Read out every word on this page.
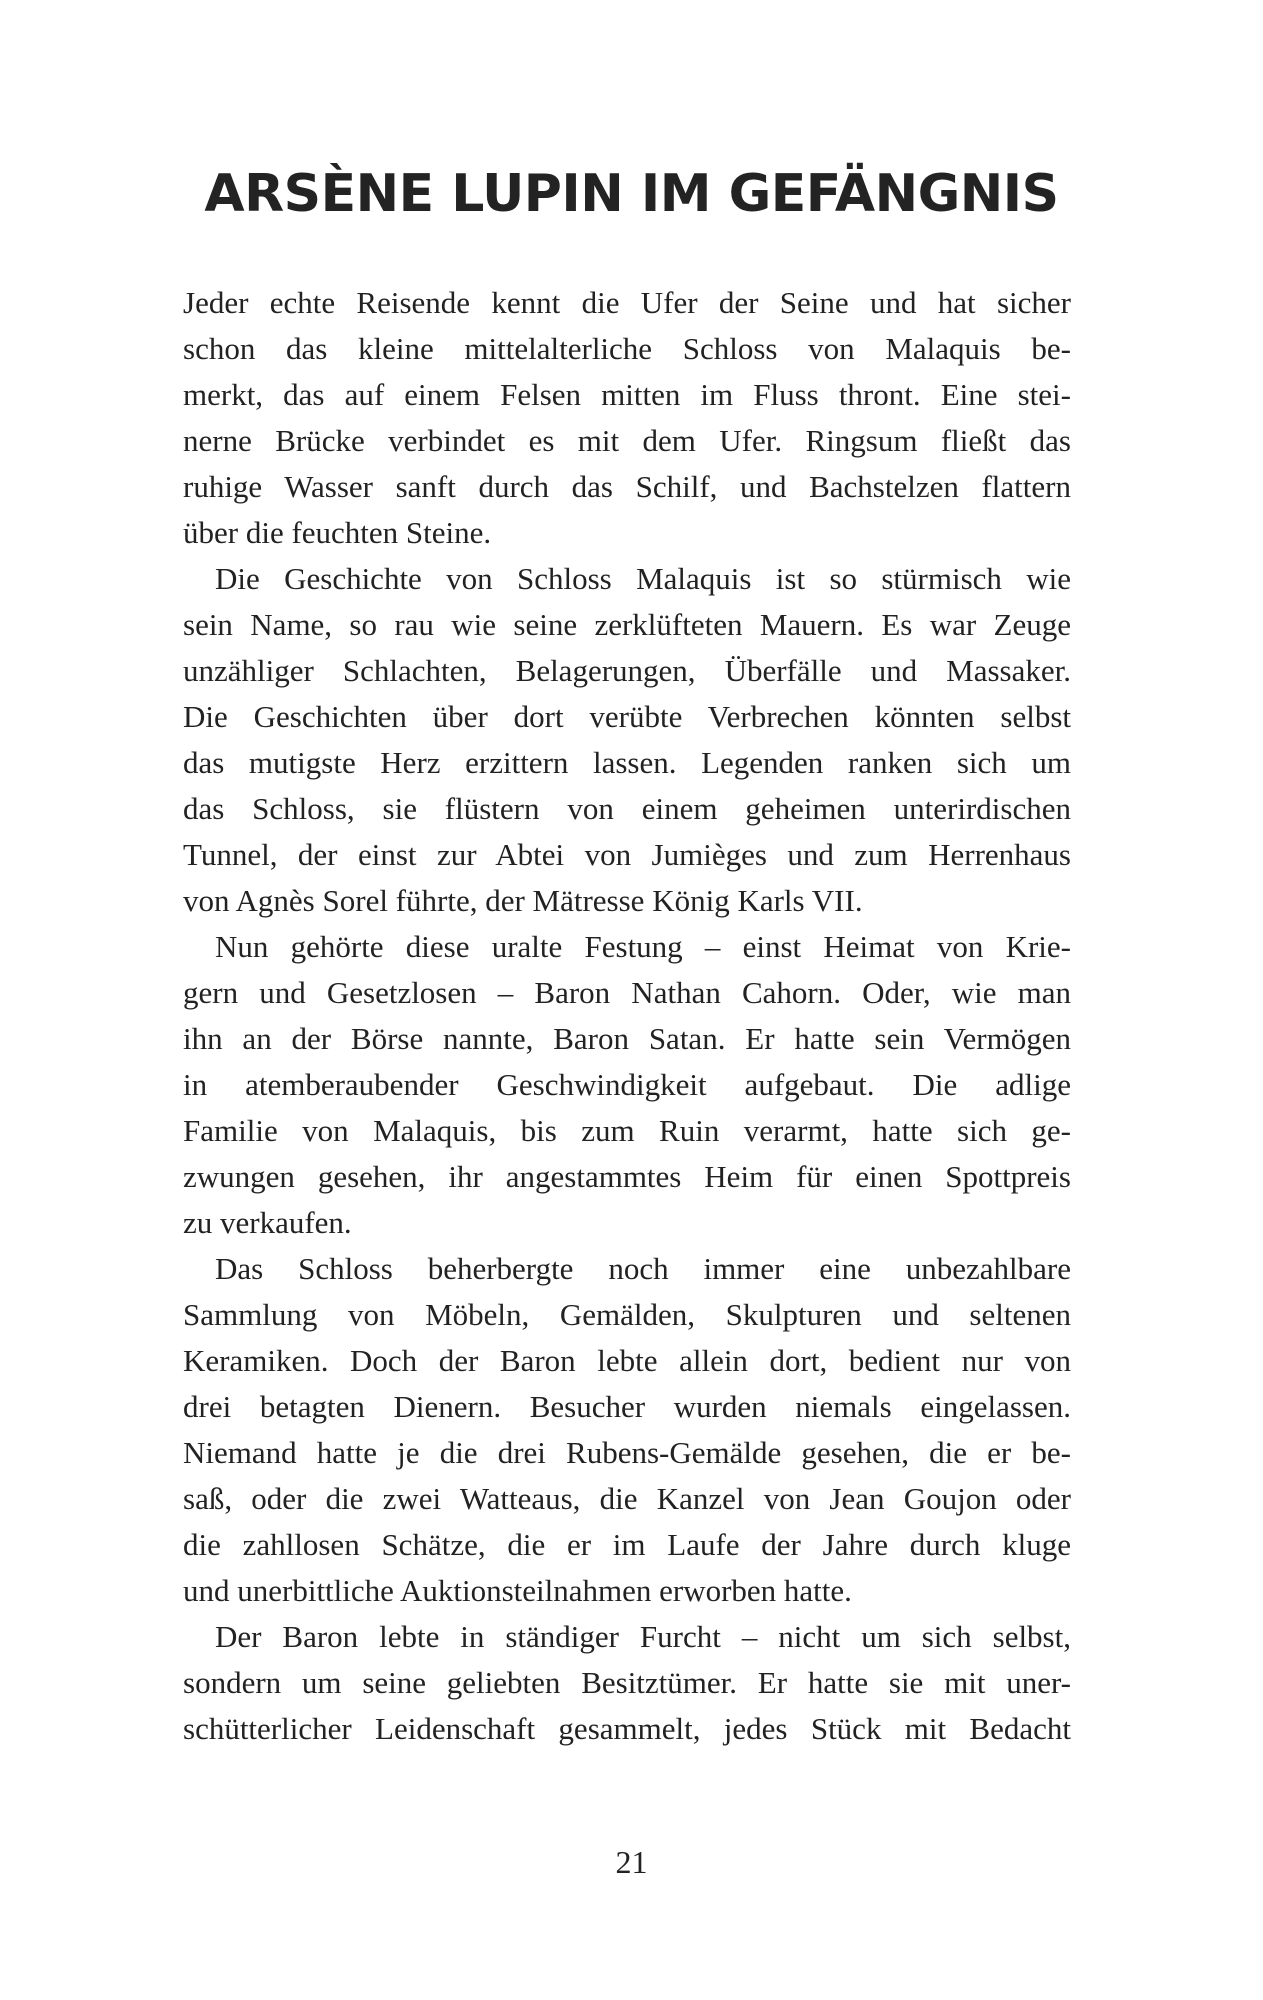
ARSÈNE LUPIN IM GEFÄNGNIS
Jeder echte Reisende kennt die Ufer der Seine und hat sicher
schon das kleine mittelalterliche Schloss von Malaquis be-
merkt, das auf einem Felsen mitten im Fluss thront. Eine stei-
nerne Brücke verbindet es mit dem Ufer. Ringsum fließt das
ruhige Wasser sanft durch das Schilf, und Bachstelzen flattern
über die feuchten Steine.
Die Geschichte von Schloss Malaquis ist so stürmisch wie
sein Name, so rau wie seine zerklüfteten Mauern. Es war Zeuge
unzähliger Schlachten, Belagerungen, Überfälle und Massaker.
Die Geschichten über dort verübte Verbrechen könnten selbst
das mutigste Herz erzittern lassen. Legenden ranken sich um
das Schloss, sie flüstern von einem geheimen unterirdischen
Tunnel, der einst zur Abtei von Jumièges und zum Herrenhaus
von Agnès Sorel führte, der Mätresse König Karls VII.
Nun gehörte diese uralte Festung – einst Heimat von Krie-
gern und Gesetzlosen – Baron Nathan Cahorn. Oder, wie man
ihn an der Börse nannte, Baron Satan. Er hatte sein Vermögen
in atemberaubender Geschwindigkeit aufgebaut. Die adlige
Familie von Malaquis, bis zum Ruin verarmt, hatte sich ge-
zwungen gesehen, ihr angestammtes Heim für einen Spottpreis
zu verkaufen.
Das Schloss beherbergte noch immer eine unbezahlbare
Sammlung von Möbeln, Gemälden, Skulpturen und seltenen
Keramiken. Doch der Baron lebte allein dort, bedient nur von
drei betagten Dienern. Besucher wurden niemals eingelassen.
Niemand hatte je die drei Rubens-Gemälde gesehen, die er be-
saß, oder die zwei Watteaus, die Kanzel von Jean Goujon oder
die zahllosen Schätze, die er im Laufe der Jahre durch kluge
und unerbittliche Auktionsteilnahmen erworben hatte.
Der Baron lebte in ständiger Furcht – nicht um sich selbst,
sondern um seine geliebten Besitztümer. Er hatte sie mit uner-
schütterlicher Leidenschaft gesammelt, jedes Stück mit Bedacht
21
